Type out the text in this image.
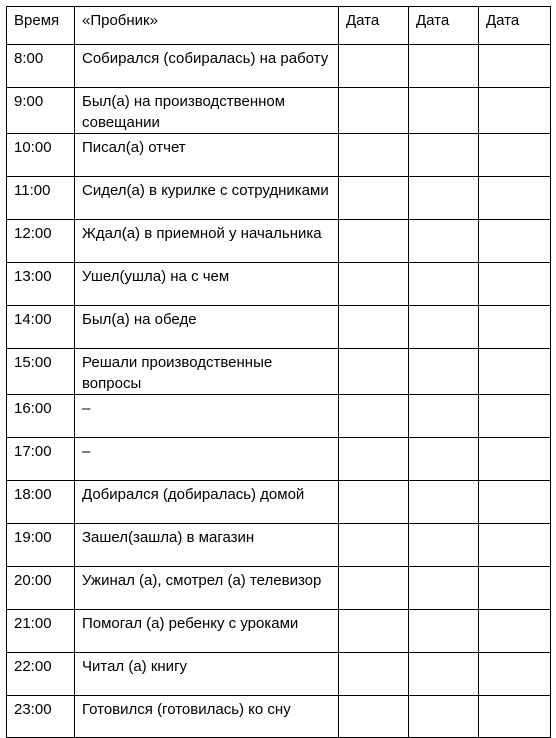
Время	«Пробник»	Дата	Дата	Дата
8:00	Собирался (собиралась) на работу			
9:00	Был(а) на производственном совещании			
10:00	Писал(а) отчет			
11:00	Сидел(а) в курилке с сотрудниками			
12:00	Ждал(а) в приемной у начальника			
13:00	Ушел(ушла) на с чем			
14:00	Был(а) на обеде			
15:00	Решали производственные вопросы			
16:00	–			
17:00	–			
18:00	Добирался (добиралась) домой			
19:00	Зашел(зашла) в магазин			
20:00	Ужинал (а), смотрел (а) телевизор			
21:00	Помогал (а) ребенку с уроками			
22:00	Читал (а) книгу			
23:00	Готовился (готовилась) ко сну			
